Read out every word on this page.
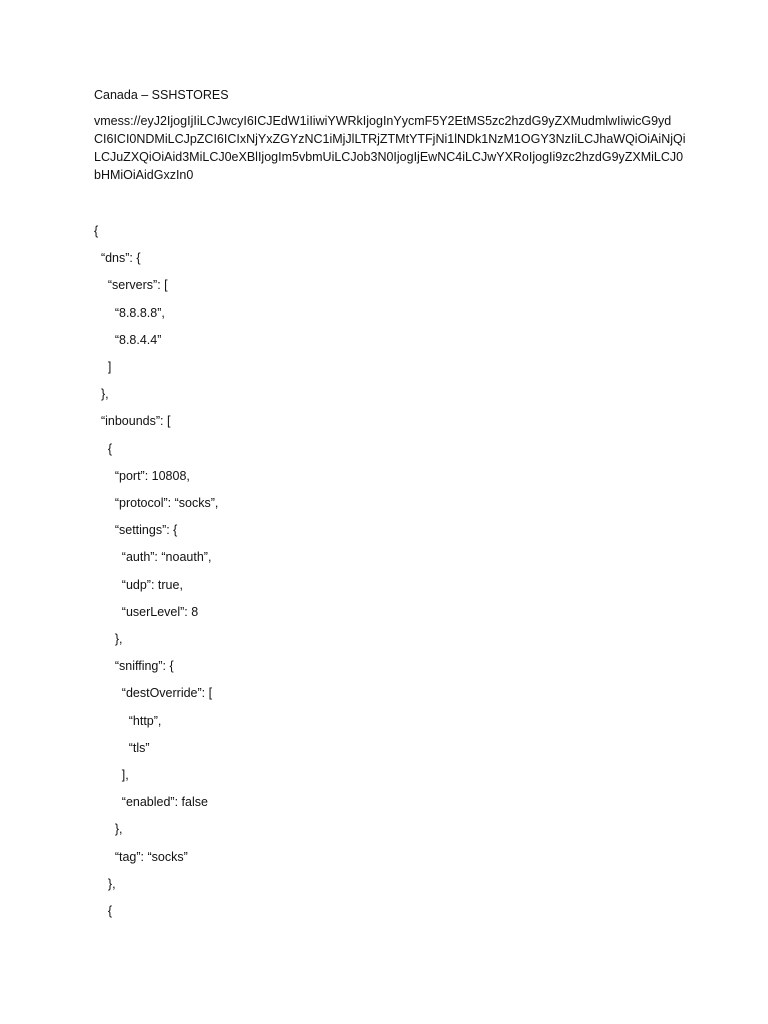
Canada – SSHSTORES
vmess://eyJ2IjogIjIiLCJwcyI6ICJEdW1iIiwiYWRkIjogInYycmF5Y2EtMS5zc2hzdG9yZXMudmlwIiwicG9yd
CI6ICI0NDMiLCJpZCI6ICIxNjYxZGYzNC1iMjJlLTRjZTMtYTFjNi1lNDk1NzM1OGY3NzIiLCJhaWQiOiAiNjQi
LCJuZXQiOiAid3MiLCJ0eXBlIjogIm5vbmUiLCJob3N0IjogIjEwNC4iLCJwYXRoIjogIi9zc2hzdG9yZXMiLCJ0
bHMiOiAidGxzIn0
{
“dns”: {
“servers”: [
“8.8.8.8”,
“8.8.4.4”
]
},
“inbounds”: [
{
“port”: 10808,
“protocol”: “socks”,
“settings”: {
“auth”: “noauth”,
“udp”: true,
“userLevel”: 8
},
“sniffing”: {
“destOverride”: [
“http”,
“tls”
],
“enabled”: false
},
“tag”: “socks”
},
{
